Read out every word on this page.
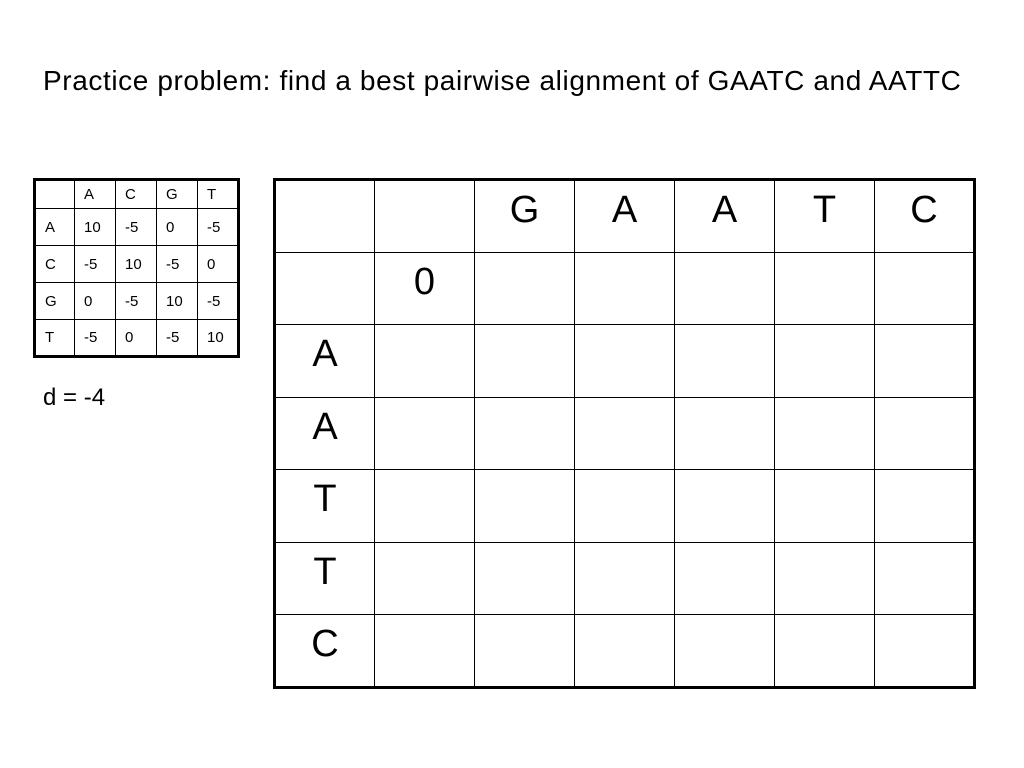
Practice problem: find a best pairwise alignment of GAATC and AATTC
	A	C	G	T
A	10	-5	0	-5
C	-5	10	-5	0
G	0	-5	10	-5
T	-5	0	-5	10
d = -4
		G	A	A	T	C
	0					
A						
A						
T						
T						
C						
